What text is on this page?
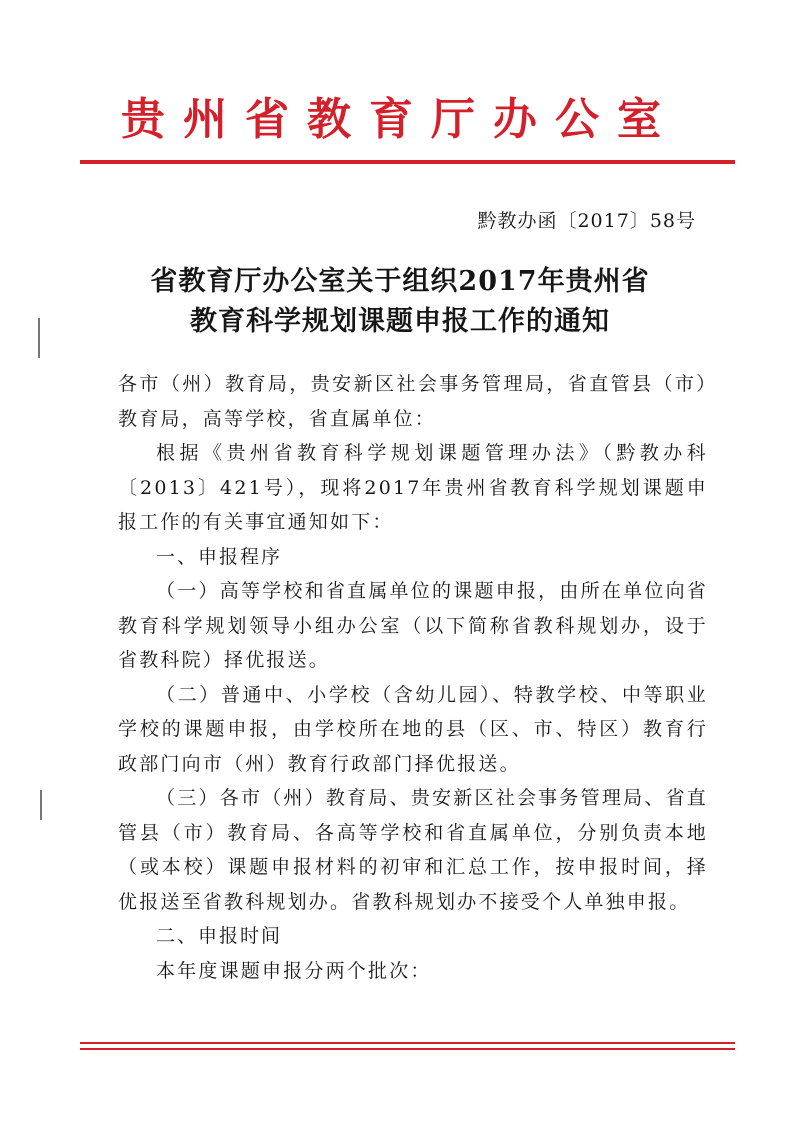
贵州省教育厅办公室
黔教办函〔2017〕58号
省教育厅办公室关于组织2017年贵州省
教育科学规划课题申报工作的通知

各市（州）教育局，贵安新区社会事务管理局，省直管县（市）教育局，高等学校，省直属单位：

根据《贵州省教育科学规划课题管理办法》（黔教办科〔2013〕421号），现将2017年贵州省教育科学规划课题申报工作的有关事宜通知如下：

一、申报程序

（一）高等学校和省直属单位的课题申报，由所在单位向省教育科学规划领导小组办公室（以下简称省教科规划办，设于省教科院）择优报送。

（二）普通中、小学校（含幼儿园）、特教学校、中等职业学校的课题申报，由学校所在地的县（区、市、特区）教育行政部门向市（州）教育行政部门择优报送。

（三）各市（州）教育局、贵安新区社会事务管理局、省直管县（市）教育局、各高等学校和省直属单位，分别负责本地（或本校）课题申报材料的初审和汇总工作，按申报时间，择优报送至省教科规划办。省教科规划办不接受个人单独申报。

二、申报时间

本年度课题申报分两个批次：
